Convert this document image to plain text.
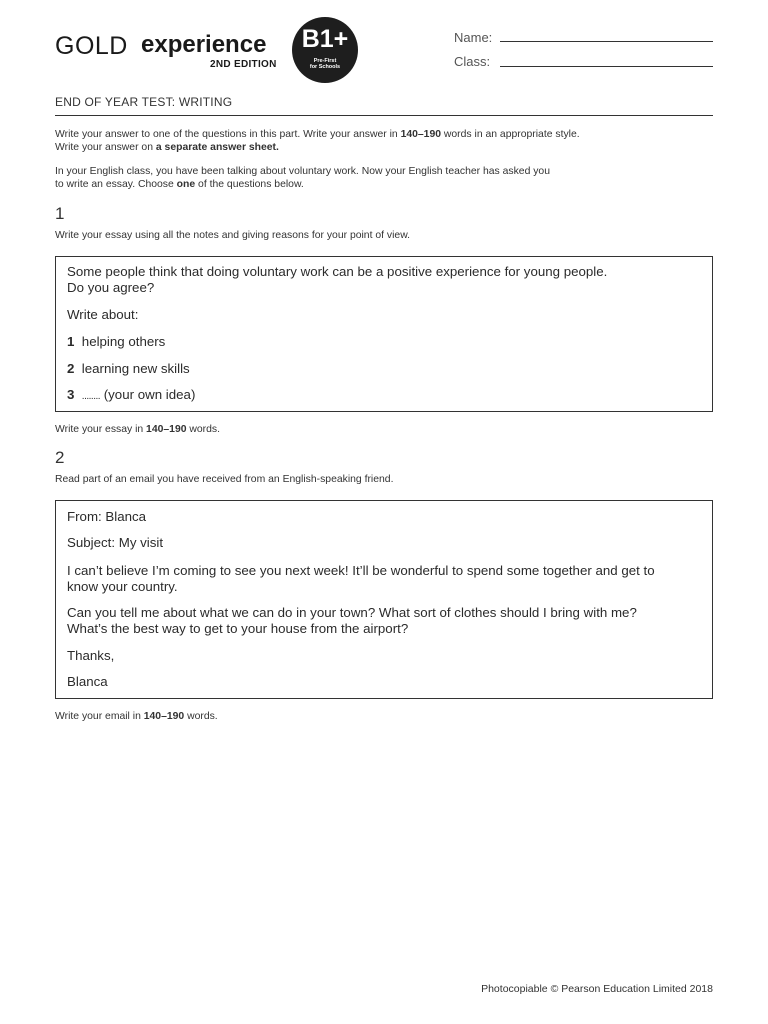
GOLD experience
2ND EDITION
B1+
Pre-First
for Schools
Name:
Class:
END OF YEAR TEST: WRITING
Write your answer to one of the questions in this part. Write your answer in 140–190 words in an appropriate style.
Write your answer on a separate answer sheet.
In your English class, you have been talking about voluntary work. Now your English teacher has asked you
to write an essay. Choose one of the questions below.
1
Write your essay using all the notes and giving reasons for your point of view.
Some people think that doing voluntary work can be a positive experience for young people.
Do you agree?
Write about:
1 helping others
2 learning new skills
3 ........ (your own idea)
Write your essay in 140–190 words.
2
Read part of an email you have received from an English-speaking friend.
From: Blanca
Subject: My visit
I can’t believe I’m coming to see you next week! It’ll be wonderful to spend some together and get to
know your country.
Can you tell me about what we can do in your town? What sort of clothes should I bring with me?
What’s the best way to get to your house from the airport?
Thanks,
Blanca
Write your email in 140–190 words.
Photocopiable © Pearson Education Limited 2018
